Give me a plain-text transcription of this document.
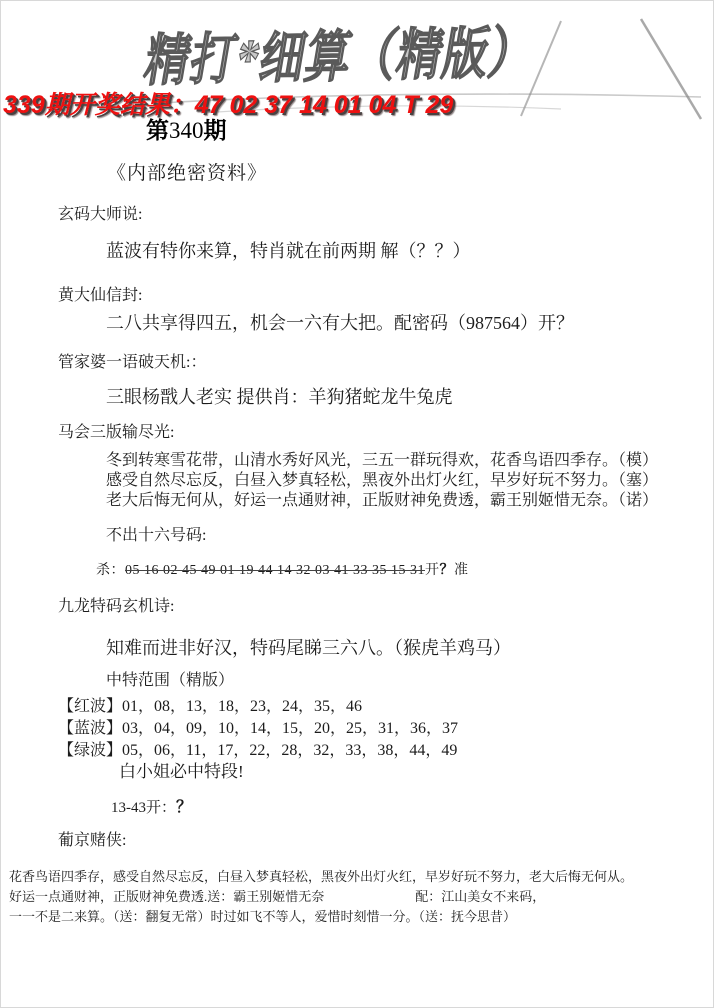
精打*细算（精版）
339期开奖结果：47 02 37 14 01 04 T 29
第340期
《内部绝密资料》
玄码大师说:
蓝波有特你来算，特肖就在前两期 解（？？）
黄大仙信封:
二八共享得四五，机会一六有大把。配密码（987564）开？
管家婆一语破天机:：
三眼杨戬人老实 提供肖：羊狗猪蛇龙牛兔虎
马会三版输尽光:
冬到转寒雪花带，山清水秀好风光，三五一群玩得欢，花香鸟语四季存。（模）
感受自然尽忘反，白昼入梦真轻松，黑夜外出灯火红，早岁好玩不努力。（塞）
老大后悔无何从，好运一点通财神，正版财神免费透，霸王别姬惜无奈。（诺）
不出十六号码:
杀：05 16 02 45 49 01 19 44 14 32 03 41 33 35 15 31开？准
九龙特码玄机诗:
知难而进非好汉，特码尾睇三六八。（猴虎羊鸡马）
中特范围（精版）
【红波】01，08，13，18，23，24，35，46
【蓝波】03，04，09，10，14，15，20，25，31，36，37
【绿波】05，06，11，17，22，28，32，33，38，44，49
白小姐必中特段!
13-43开：？
葡京赌侠:
花香鸟语四季存，感受自然尽忘反，白昼入梦真轻松，黑夜外出灯火红，早岁好玩不努力，老大后悔无何从。
好运一点通财神，正版财神免费透.送：霸王别姬惜无奈　　　　　　　配：江山美女不来码，
一一不是二来算。（送：翻复无常）时过如飞不等人，爱惜时刻惜一分。（送：抚今思昔）
